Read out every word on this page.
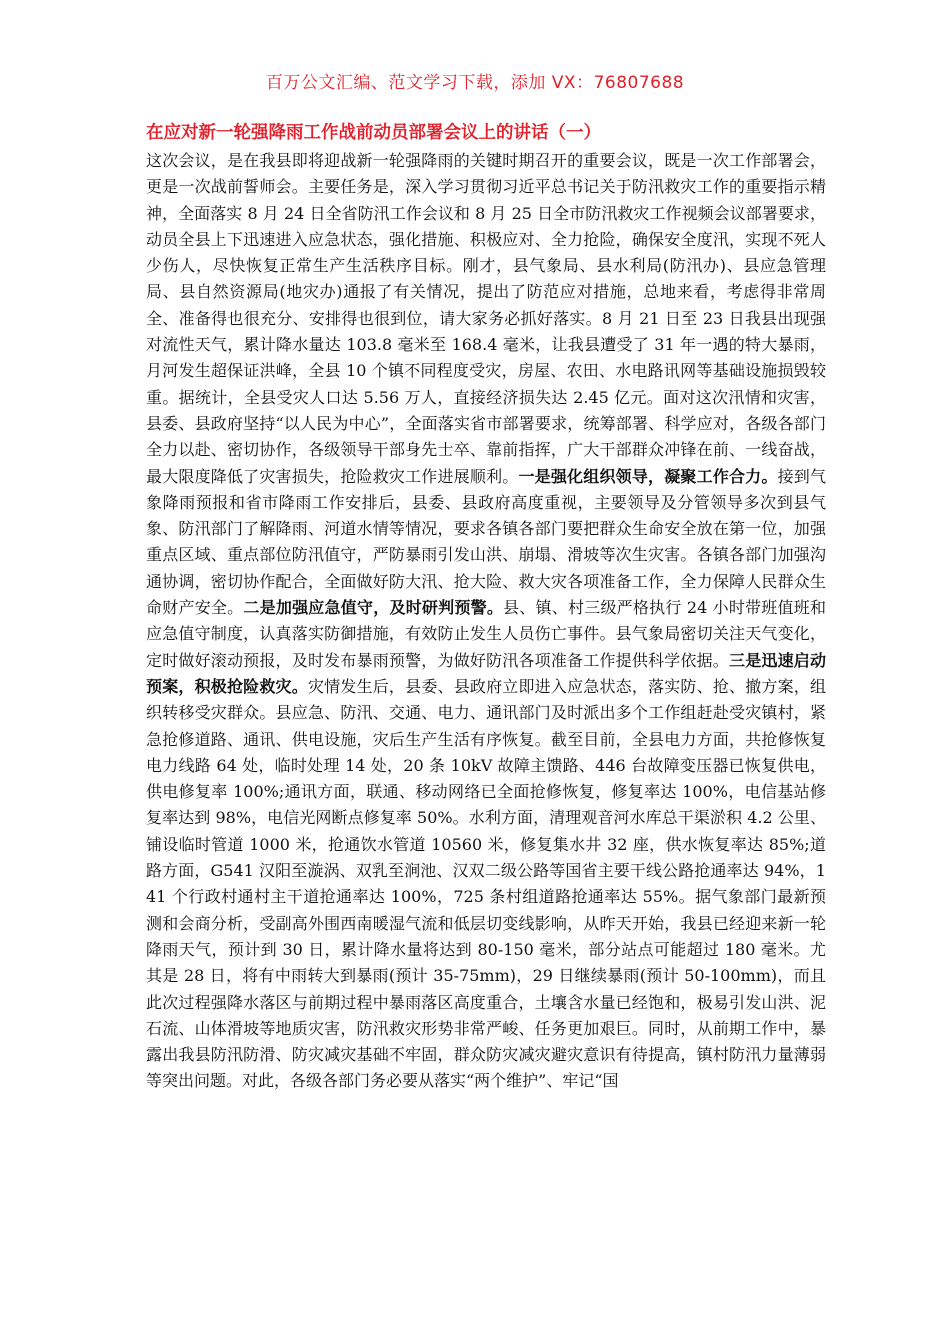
百万公文汇编、范文学习下载，添加 VX：76807688
在应对新一轮强降雨工作战前动员部署会议上的讲话（一）
这次会议，是在我县即将迎战新一轮强降雨的关键时期召开的重要会议，既是一次工作部署会，更是一次战前誓师会。主要任务是，深入学习贯彻习近平总书记关于防汛救灾工作的重要指示精神，全面落实 8 月 24 日全省防汛工作会议和 8 月 25 日全市防汛救灾工作视频会议部署要求，动员全县上下迅速进入应急状态，强化措施、积极应对、全力抢险，确保安全度汛，实现不死人少伤人，尽快恢复正常生产生活秩序目标。刚才，县气象局、县水利局(防汛办)、县应急管理局、县自然资源局(地灾办)通报了有关情况，提出了防范应对措施，总地来看，考虑得非常周全、准备得也很充分、安排得也很到位，请大家务必抓好落实。8 月 21 日至 23 日我县出现强对流性天气，累计降水量达 103.8 毫米至 168.4 毫米，让我县遭受了 31 年一遇的特大暴雨，月河发生超保证洪峰，全县 10 个镇不同程度受灾，房屋、农田、水电路讯网等基础设施损毁较重。据统计，全县受灾人口达 5.56 万人，直接经济损失达 2.45 亿元。面对这次汛情和灾害，县委、县政府坚持“以人民为中心”，全面落实省市部署要求，统筹部署、科学应对，各级各部门全力以赴、密切协作，各级领导干部身先士卒、靠前指挥，广大干部群众冲锋在前、一线奋战，最大限度降低了灾害损失，抢险救灾工作进展顺利。一是强化组织领导，凝聚工作合力。接到气象降雨预报和省市降雨工作安排后，县委、县政府高度重视，主要领导及分管领导多次到县气象、防汛部门了解降雨、河道水情等情况，要求各镇各部门要把群众生命安全放在第一位，加强重点区域、重点部位防汛值守，严防暴雨引发山洪、崩塌、滑坡等次生灾害。各镇各部门加强沟通协调，密切协作配合，全面做好防大汛、抢大险、救大灾各项准备工作，全力保障人民群众生命财产安全。二是加强应急值守，及时研判预警。县、镇、村三级严格执行 24 小时带班值班和应急值守制度，认真落实防御措施，有效防止发生人员伤亡事件。县气象局密切关注天气变化，定时做好滚动预报，及时发布暴雨预警，为做好防汛各项准备工作提供科学依据。三是迅速启动预案，积极抢险救灾。灾情发生后，县委、县政府立即进入应急状态，落实防、抢、撤方案，组织转移受灾群众。县应急、防汛、交通、电力、通讯部门及时派出多个工作组赶赴受灾镇村，紧急抢修道路、通讯、供电设施，灾后生产生活有序恢复。截至目前，全县电力方面，共抢修恢复电力线路 64 处，临时处理 14 处，20 条 10kV 故障主馈路、446 台故障变压器已恢复供电，供电修复率 100%;通讯方面，联通、移动网络已全面抢修恢复，修复率达 100%，电信基站修复率达到 98%，电信光网断点修复率 50%。水利方面，清理观音河水库总干渠淤积 4.2 公里、铺设临时管道 1000 米，抢通饮水管道 10560 米，修复集水井 32 座，供水恢复率达 85%;道路方面，G541 汉阳至漩涡、双乳至涧池、汉双二级公路等国省主要干线公路抢通率达 94%，141 个行政村通村主干道抢通率达 100%，725 条村组道路抢通率达 55%。据气象部门最新预测和会商分析，受副高外围西南暖湿气流和低层切变线影响，从昨天开始，我县已经迎来新一轮降雨天气，预计到 30 日，累计降水量将达到 80-150 毫米，部分站点可能超过 180 毫米。尤其是 28 日，将有中雨转大到暴雨(预计 35-75mm)，29 日继续暴雨(预计 50-100mm)，而且此次过程强降水落区与前期过程中暴雨落区高度重合，土壤含水量已经饱和，极易引发山洪、泥石流、山体滑坡等地质灾害，防汛救灾形势非常严峻、任务更加艰巨。同时，从前期工作中，暴露出我县防汛防滑、防灾减灾基础不牢固，群众防灾减灾避灾意识有待提高，镇村防汛力量薄弱等突出问题。对此，各级各部门务必要从落实“两个维护”、牢记“国
